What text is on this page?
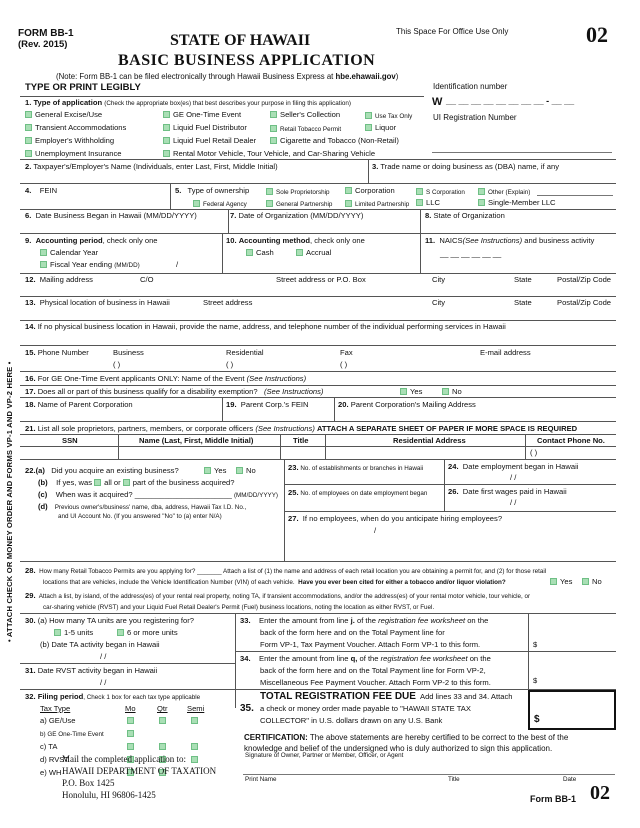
FORM BB-1
(Rev. 2015)	STATE OF HAWAII
BASIC BUSINESS APPLICATION
This Space For Office Use Only	02
(Note: Form BB-1 can be filed electronically through Hawaii Business Express at hbe.ehawaii.gov)
TYPE OR PRINT LEGIBLY	Identification number
W __ __ __ __ __ __ __ __ - __ __
UI Registration Number
1. Type of application (Check the appropriate box(es) that best describes your purpose in filing this application)
General Excise/Use	GE One-Time Event	Seller's Collection	Use Tax Only
Transient Accommodations	Liquid Fuel Distributor	Retail Tobacco Permit	Liquor
Employer's Withholding	Liquid Fuel Retail Dealer	Cigarette and Tobacco (Non-Retail)
Unemployment Insurance	Rental Motor Vehicle, Tour Vehicle, and Car-Sharing Vehicle
2. Taxpayer's/Employer's Name (Individuals, enter Last, First, Middle Initial)	3. Trade name or doing business as (DBA) name, if any
4. FEIN	5. Type of ownership	Sole Proprietorship	Corporation	S Corporation	Other (Explain)
Federal Agency	General Partnership	Limited Partnership	LLC	Single-Member LLC
6. Date Business Began in Hawaii (MM/DD/YYYY)	7. Date of Organization (MM/DD/YYYY)	8. State of Organization
9. Accounting period, check only one
Calendar Year
Fiscal Year ending (MM/DD)	/
10. Accounting method, check only one
Cash	Accrual
11. NAICS(See Instructions) and business activity
__ __ __ __ __ __
12. Mailing address	C/O	Street address or P.O. Box	City	State	Postal/Zip Code
13. Physical location of business in Hawaii	Street address	City	State	Postal/Zip Code
14. If no physical business location in Hawaii, provide the name, address, and telephone number of the individual performing services in Hawaii
15. Phone Number	Business	Residential	Fax	E-mail address
( )	( )	( )
16. For GE One-Time Event applicants ONLY: Name of the Event (See Instructions)
17. Does all or part of this business qualify for a disability exemption? (See Instructions)	Yes	No
18. Name of Parent Corporation	19. Parent Corp.'s FEIN	20. Parent Corporation's Mailing Address
21. List all sole proprietors, partners, members, or corporate officers (See Instructions) ATTACH A SEPARATE SHEET OF PAPER IF MORE SPACE IS REQUIRED
SSN	Name (Last, First, Middle Initial)	Title	Residential Address	Contact Phone No.
( )
22.(a) Did you acquire an existing business?	Yes	No
(b) If yes, was all or part of the business acquired?
(c) When was it acquired? _______________________ (MM/DD/YYYY)
(d) Previous owner's/business' name, dba, address, Hawaii Tax I.D. No.,
and UI Account No. (If you answered "No" to (a) enter N/A)
23. No. of establishments or branches in Hawaii	24. Date employment began in Hawaii
/ /
25. No. of employees on date employment began	26. Date first wages paid in Hawaii
/ /
27. If no employees, when do you anticipate hiring employees?
/
28. How many Retail Tobacco Permits are you applying for? _______ Attach a list of (1) the name and address of each retail location you are obtaining a permit for, and (2) for those retail
locations that are vehicles, include the Vehicle Identification Number (VIN) of each vehicle. Have you ever been cited for either a tobacco and/or liquor violation?	Yes	No
29. Attach a list, by island, of the address(es) of your rental real property, noting TA, if transient accommodations, and/or the address(es) of your rental motor vehicle, tour vehicle, or
car-sharing vehicle (RVST) and your Liquid Fuel Retail Dealer's Permit (Fuel) business locations, noting the location as either RVST, or Fuel.
30. (a) How many TA units are you registering for?
1-5 units	6 or more units
(b) Date TA activity began in Hawaii
/ /
31. Date RVST activity began in Hawaii
/ /
32. Filing period, Check 1 box for each tax type applicable
Tax Type	Mo	Qtr	Semi
a) GE/Use
b) GE One-Time Event
c) TA
d) RVST
e) WH
33. Enter the amount from line j. of the registration fee worksheet on the
back of the form here and on the Total Payment line for
Form VP-1, Tax Payment Voucher. Attach Form VP-1 to this form.	$
34. Enter the amount from line q, of the registration fee worksheet on the
back of the form here and on the Total Payment line for Form VP-2,
Miscellaneous Fee Payment Voucher. Attach Form VP-2 to this form.	$
TOTAL REGISTRATION FEE DUE Add lines 33 and 34. Attach
35. a check or money order made payable to "HAWAII STATE TAX
COLLECTOR" in U.S. dollars drawn on any U.S. Bank	$
CERTIFICATION: The above statements are hereby certified to be correct to the best of the
knowledge and belief of the undersigned who is duly authorized to sign this application.
Signature of Owner, Partner or Member, Officer, or Agent
Print Name	Title	Date
Mail the completed application to:
HAWAII DEPARTMENT OF TAXATION
P.O. Box 1425
Honolulu, HI 96806-1425	Form BB-1 02
• ATTACH CHECK OR MONEY ORDER AND FORMS VP-1 AND VP-2 HERE •
